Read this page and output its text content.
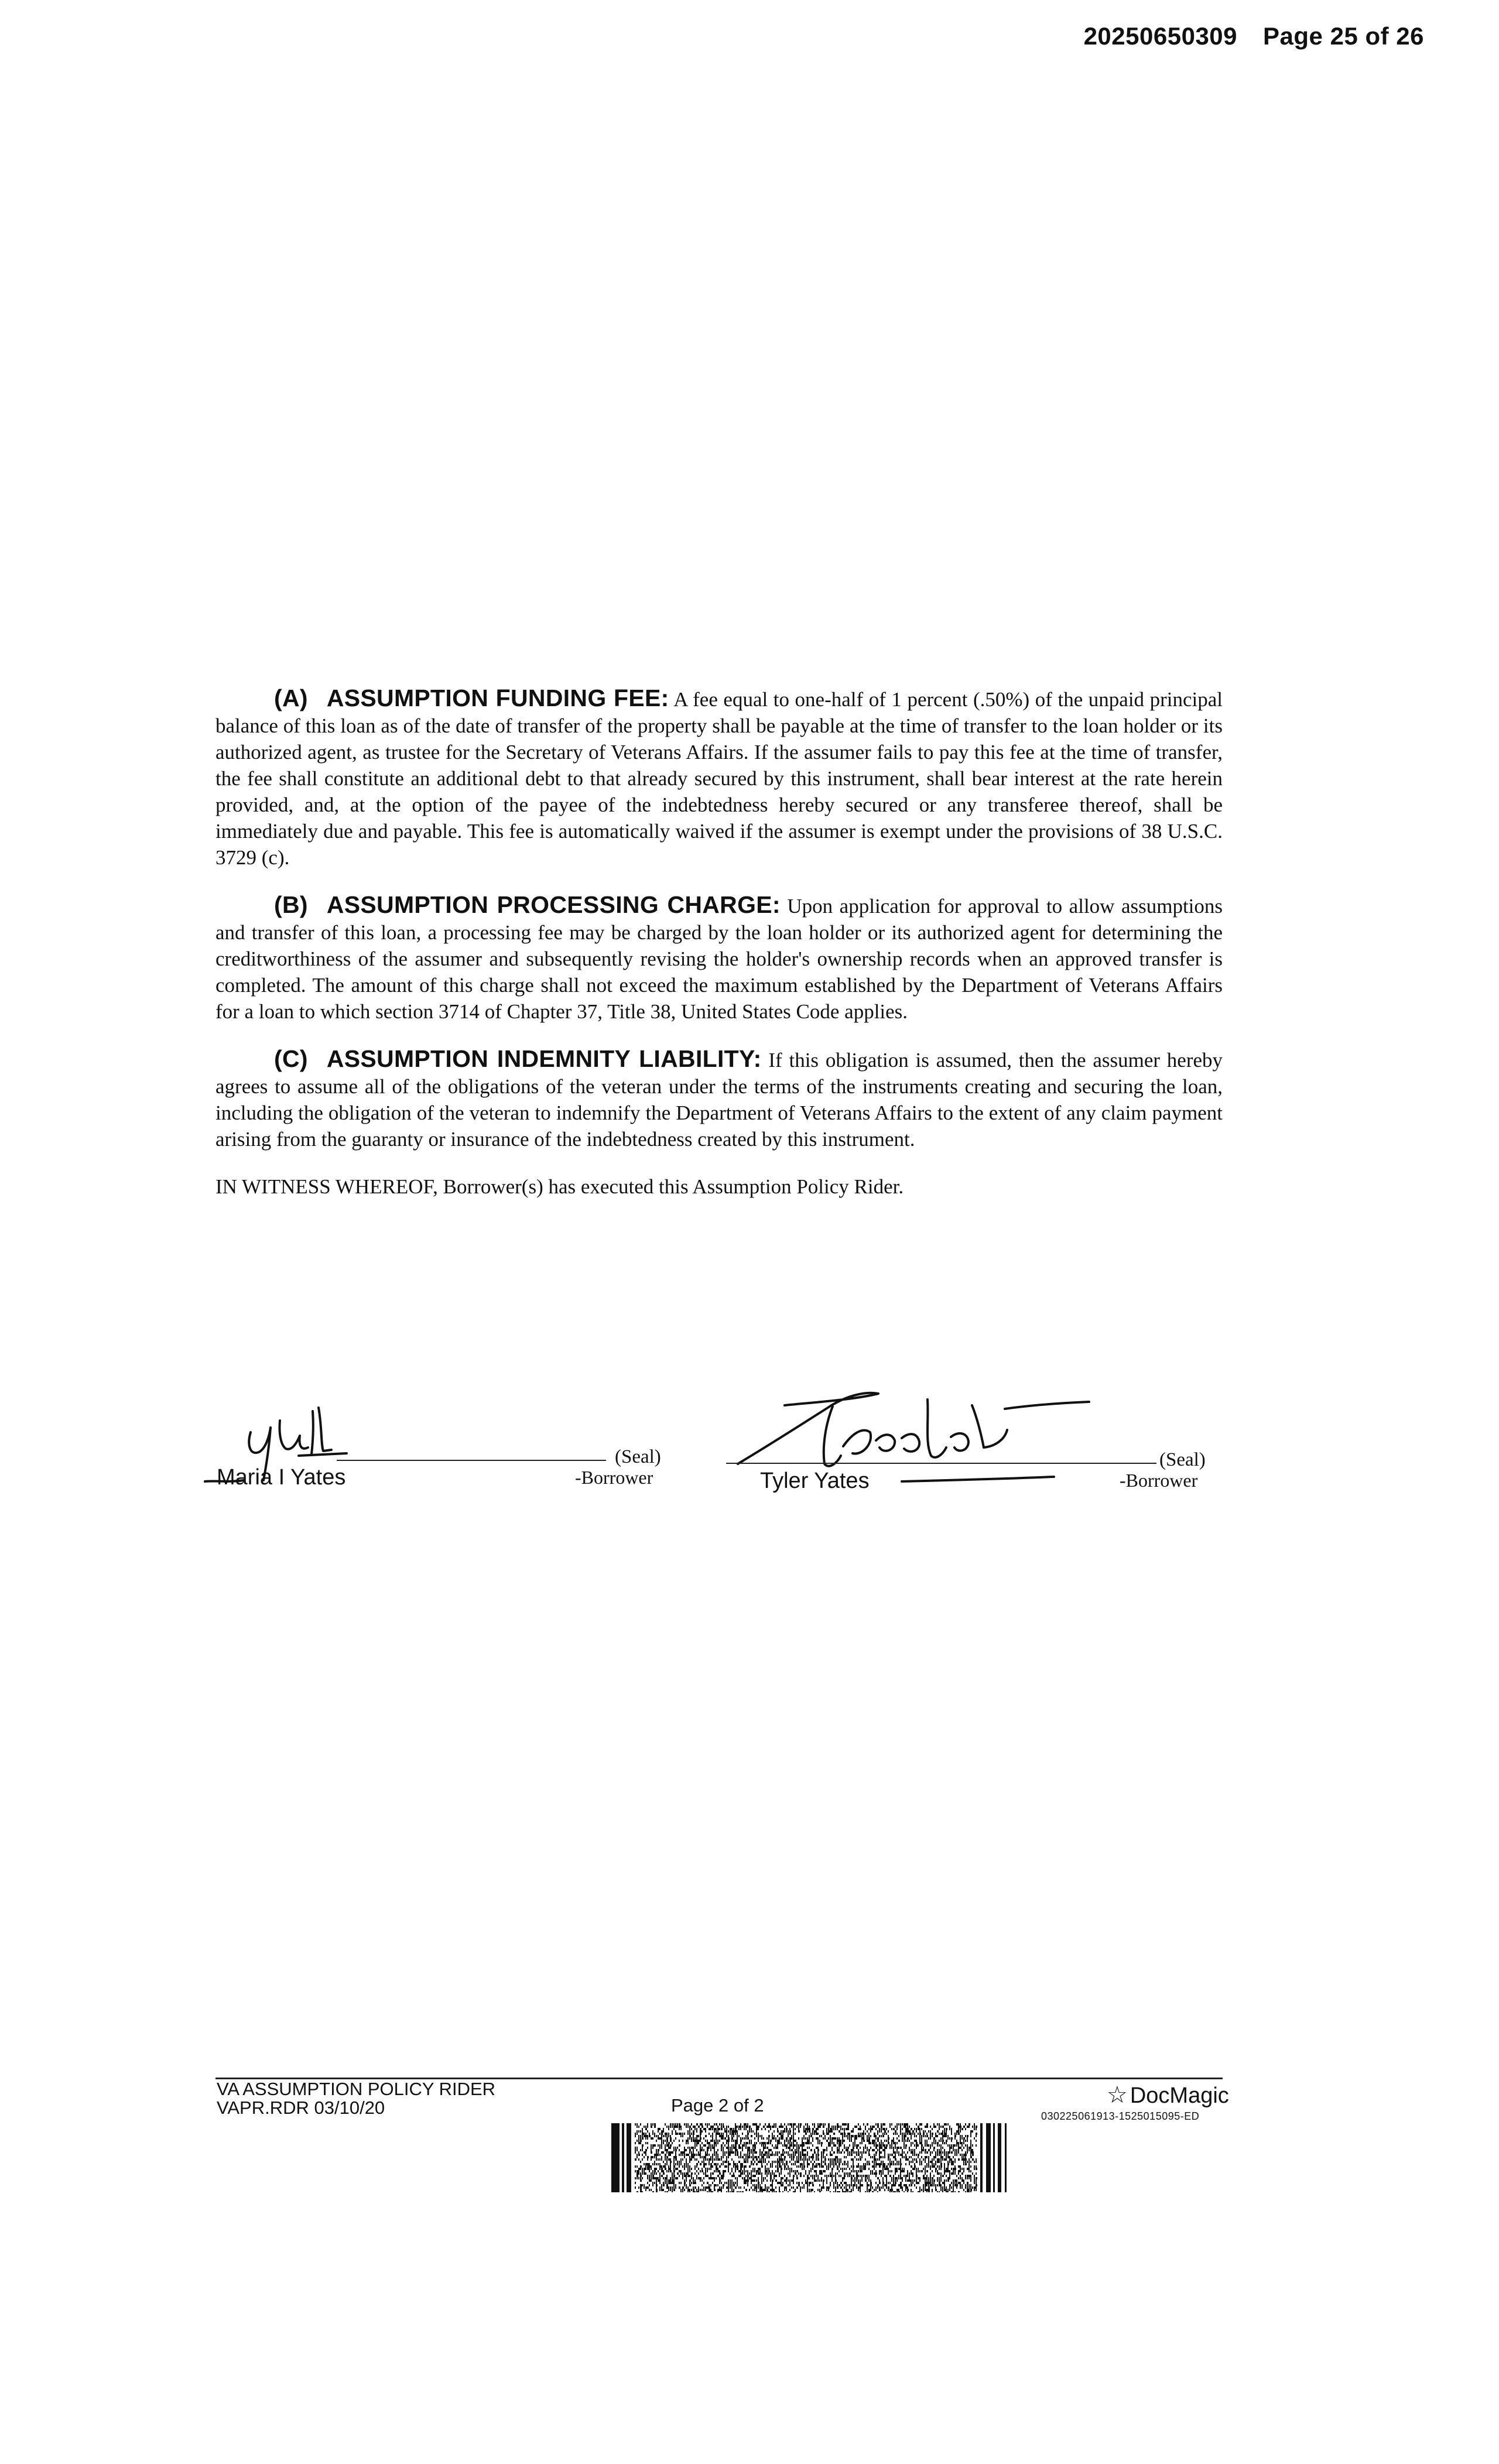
20250650309 Page 25 of 26

(A) ASSUMPTION FUNDING FEE: A fee equal to one-half of 1 percent (.50%) of the unpaid principal balance of this loan as of the date of transfer of the property shall be payable at the time of transfer to the loan holder or its authorized agent, as trustee for the Secretary of Veterans Affairs. If the assumer fails to pay this fee at the time of transfer, the fee shall constitute an additional debt to that already secured by this instrument, shall bear interest at the rate herein provided, and, at the option of the payee of the indebtedness hereby secured or any transferee thereof, shall be immediately due and payable. This fee is automatically waived if the assumer is exempt under the provisions of 38 U.S.C. 3729 (c).

(B) ASSUMPTION PROCESSING CHARGE: Upon application for approval to allow assumptions and transfer of this loan, a processing fee may be charged by the loan holder or its authorized agent for determining the creditworthiness of the assumer and subsequently revising the holder's ownership records when an approved transfer is completed. The amount of this charge shall not exceed the maximum established by the Department of Veterans Affairs for a loan to which section 3714 of Chapter 37, Title 38, United States Code applies.

(C) ASSUMPTION INDEMNITY LIABILITY: If this obligation is assumed, then the assumer hereby agrees to assume all of the obligations of the veteran under the terms of the instruments creating and securing the loan, including the obligation of the veteran to indemnify the Department of Veterans Affairs to the extent of any claim payment arising from the guaranty or insurance of the indebtedness created by this instrument.

IN WITNESS WHEREOF, Borrower(s) has executed this Assumption Policy Rider.
Maria I Yates
(Seal)
-Borrower	Tyler Yates
(Seal)
-Borrower
VA ASSUMPTION POLICY RIDER
VAPR.RDR 03/10/20	Page 2 of 2	☆ DocMagic
030225061913-1525015095-ED
